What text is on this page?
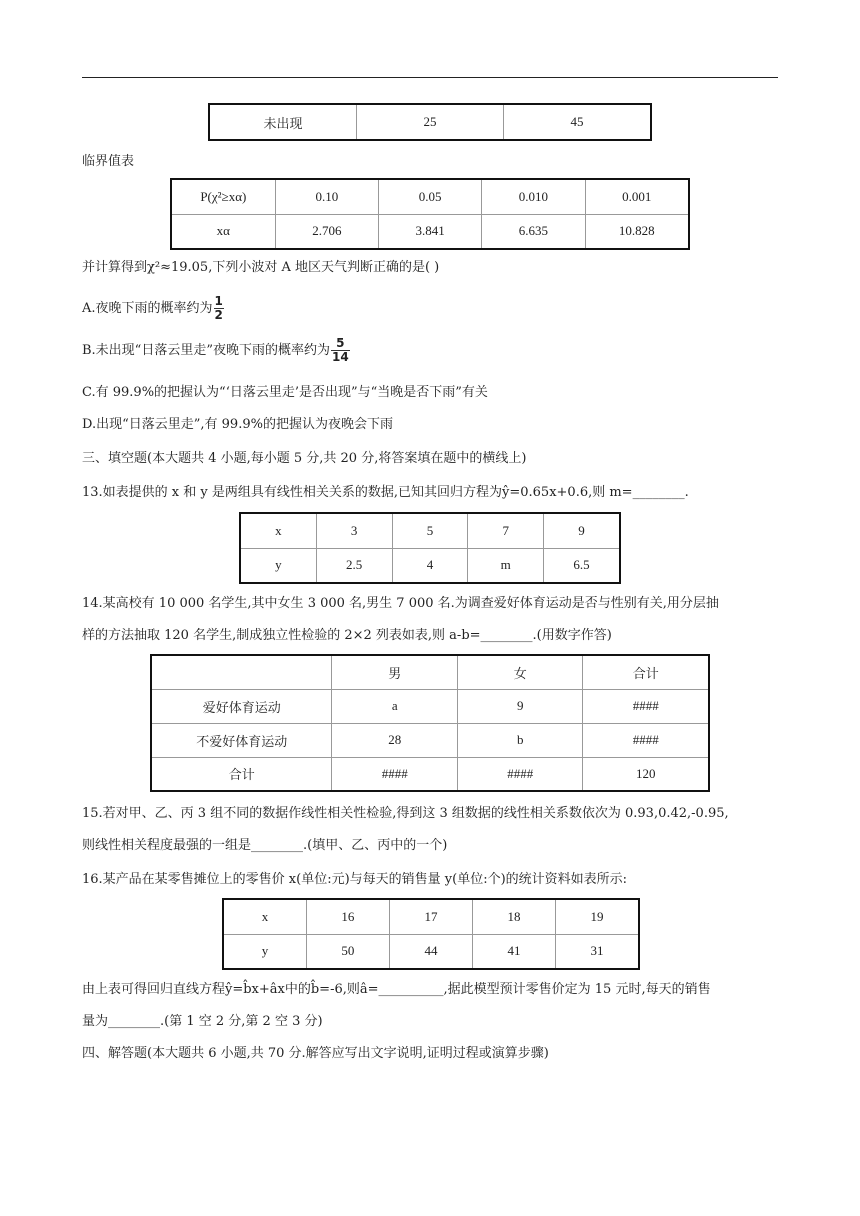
未出现	25	45
临界值表
P(χ²≥xα)	0.10	0.05	0.010	0.001
xα	2.706	3.841	6.635	10.828
并计算得到χ²≈19.05,下列小波对 A 地区天气判断正确的是( )
A.夜晚下雨的概率约为 $\frac{1}{2}$
B.未出现“日落云里走”夜晚下雨的概率约为 $\frac{5}{14}$
C.有 99.9%的把握认为“‘日落云里走’是否出现”与“当晚是否下雨”有关
D.出现“日落云里走”,有 99.9%的把握认为夜晚会下雨
三、填空题(本大题共 4 小题,每小题 5 分,共 20 分,将答案填在题中的横线上)
13.如表提供的 x 和 y 是两组具有线性相关关系的数据,已知其回归方程为ŷ=0.65x+0.6,则 m=________.
x	3	5	7	9
y	2.5	4	m	6.5
14.某高校有 10 000 名学生,其中女生 3 000 名,男生 7 000 名.为调查爱好体育运动是否与性别有关,用分层抽
样的方法抽取 120 名学生,制成独立性检验的 2×2 列表如表,则 a-b=________.(用数字作答)
	男	女	合计
爱好体育运动	a	9	####
不爱好体育运动	28	b	####
合计	####	####	120
15.若对甲、乙、丙 3 组不同的数据作线性相关性检验,得到这 3 组数据的线性相关系数依次为 0.93,0.42,-0.95,
则线性相关程度最强的一组是________.(填甲、乙、丙中的一个)
16.某产品在某零售摊位上的零售价 x(单位:元)与每天的销售量 y(单位:个)的统计资料如表所示:
x	16	17	18	19
y	50	44	41	31
由上表可得回归直线方程ŷ=b̂x+âx中的b̂=-6,则â=__________,据此模型预计零售价定为 15 元时,每天的销售
量为________.(第 1 空 2 分,第 2 空 3 分)
四、解答题(本大题共 6 小题,共 70 分.解答应写出文字说明,证明过程或演算步骤)
